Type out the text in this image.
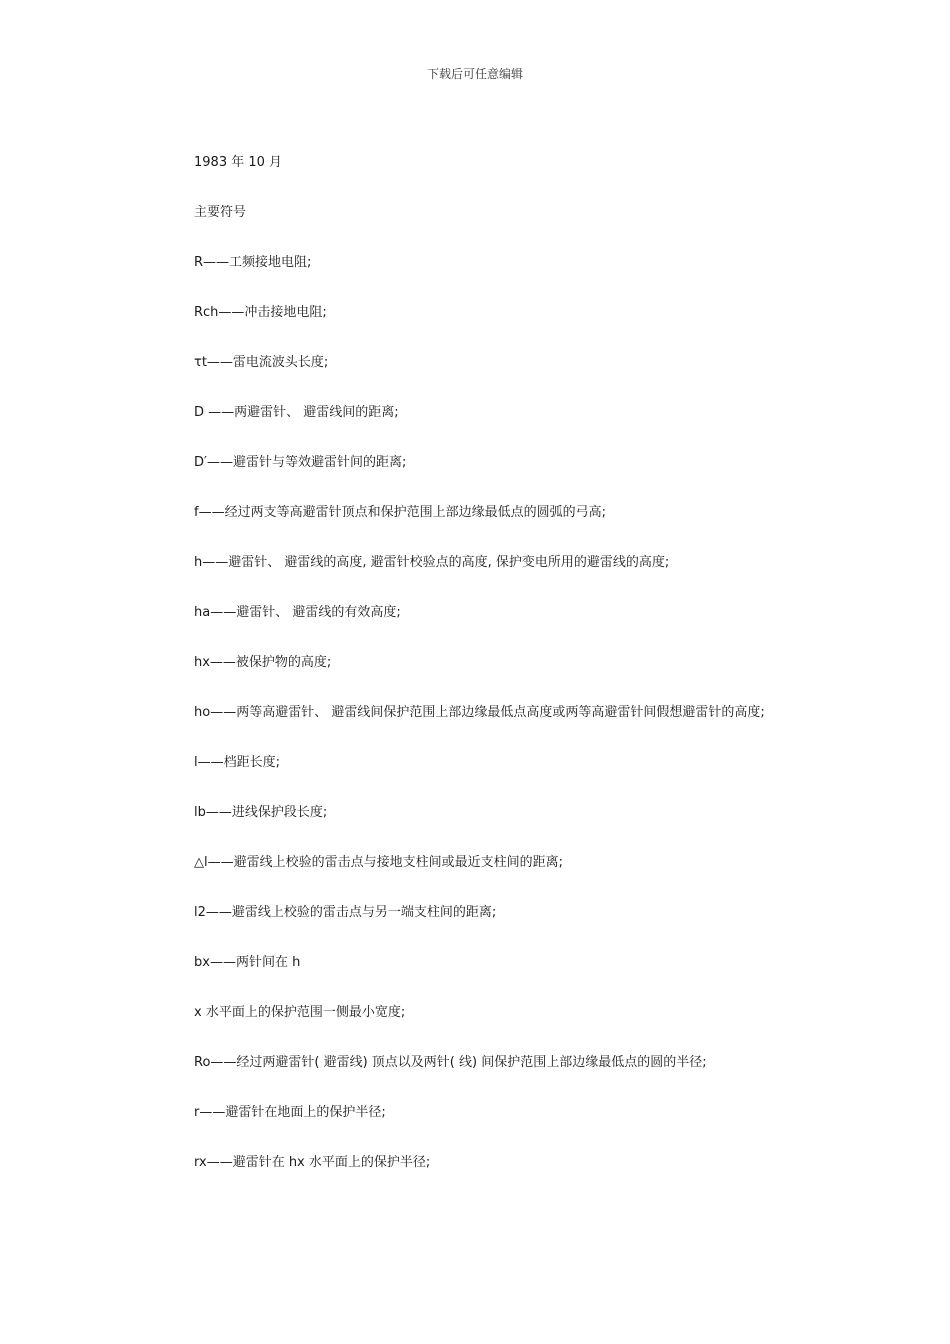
下载后可任意编辑

1983 年 10 月

主要符号

R——工频接地电阻;

Rch——冲击接地电阻;

τt——雷电流波头长度;

D ——两避雷针、 避雷线间的距离;

D′——避雷针与等效避雷针间的距离;

f——经过两支等高避雷针顶点和保护范围上部边缘最低点的圆弧的弓高;

h——避雷针、 避雷线的高度, 避雷针校验点的高度, 保护变电所用的避雷线的高度;

ha——避雷针、 避雷线的有效高度;

hx——被保护物的高度;

ho——两等高避雷针、 避雷线间保护范围上部边缘最低点高度或两等高避雷针间假想避雷针的高度;

l——档距长度;

lb——进线保护段长度;

△l——避雷线上校验的雷击点与接地支柱间或最近支柱间的距离;

l2——避雷线上校验的雷击点与另一端支柱间的距离;

bx——两针间在 h

x 水平面上的保护范围一侧最小宽度;

Ro——经过两避雷针( 避雷线) 顶点以及两针( 线) 间保护范围上部边缘最低点的圆的半径;

r——避雷针在地面上的保护半径;

rx——避雷针在 hx 水平面上的保护半径;
